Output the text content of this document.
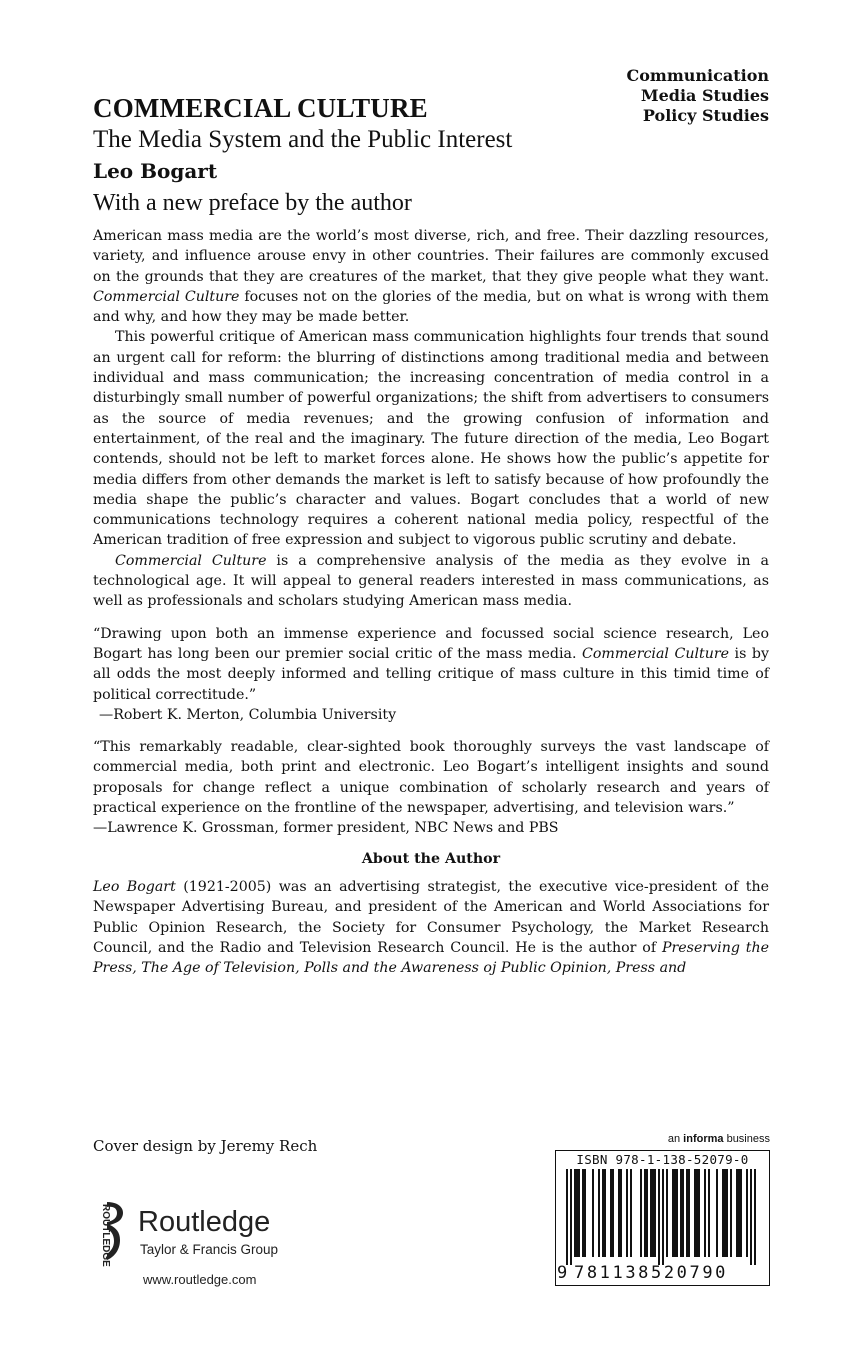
Communication
Media Studies
Policy Studies
COMMERCIAL CULTURE
The Media System and the Public Interest
Leo Bogart
With a new preface by the author

American mass media are the world’s most diverse, rich, and free. Their dazzling resources, variety, and influence arouse envy in other countries. Their failures are commonly excused on the grounds that they are creatures of the market, that they give people what they want. Commercial Culture focuses not on the glories of the media, but on what is wrong with them and why, and how they may be made better.

This powerful critique of American mass communication highlights four trends that sound an urgent call for reform: the blurring of distinctions among traditional media and between individual and mass communication; the increasing concentration of media control in a disturbingly small number of powerful organizations; the shift from advertisers to consumers as the source of media revenues; and the growing confusion of information and entertainment, of the real and the imaginary. The future direction of the media, Leo Bogart contends, should not be left to market forces alone. He shows how the public’s appetite for media differs from other demands the market is left to satisfy because of how profoundly the media shape the public’s character and values. Bogart concludes that a world of new communications technology requires a coherent national media policy, respectful of the American tradition of free expression and subject to vigorous public scrutiny and debate.

Commercial Culture is a comprehensive analysis of the media as they evolve in a technological age. It will appeal to general readers interested in mass communications, as well as professionals and scholars studying American mass media.

“Drawing upon both an immense experience and focussed social science research, Leo Bogart has long been our premier social critic of the mass media. Commercial Culture is by all odds the most deeply informed and telling critique of mass culture in this timid time of political correctitude.”

—Robert K. Merton, Columbia University

“This remarkably readable, clear-sighted book thoroughly surveys the vast landscape of commercial media, both print and electronic. Leo Bogart’s intelligent insights and sound proposals for change reflect a unique combination of scholarly research and years of practical experience on the frontline of the newspaper, advertising, and television wars.”

—Lawrence K. Grossman, former president, NBC News and PBS

About the Author

Leo Bogart (1921-2005) was an advertising strategist, the executive vice-president of the Newspaper Advertising Bureau, and president of the American and World Associations for Public Opinion Research, the Society for Consumer Psychology, the Market Research Council, and the Radio and Television Research Council. He is the author of Preserving the Press, The Age of Television, Polls and the Awareness oj Public Opinion, Press and

Cover design by Jeremy Rech
ROUTLEDGE Routledge
Taylor & Francis Group
www.routledge.com
an informa business
ISBN 978-1-138-52079-0
9 781138520790
